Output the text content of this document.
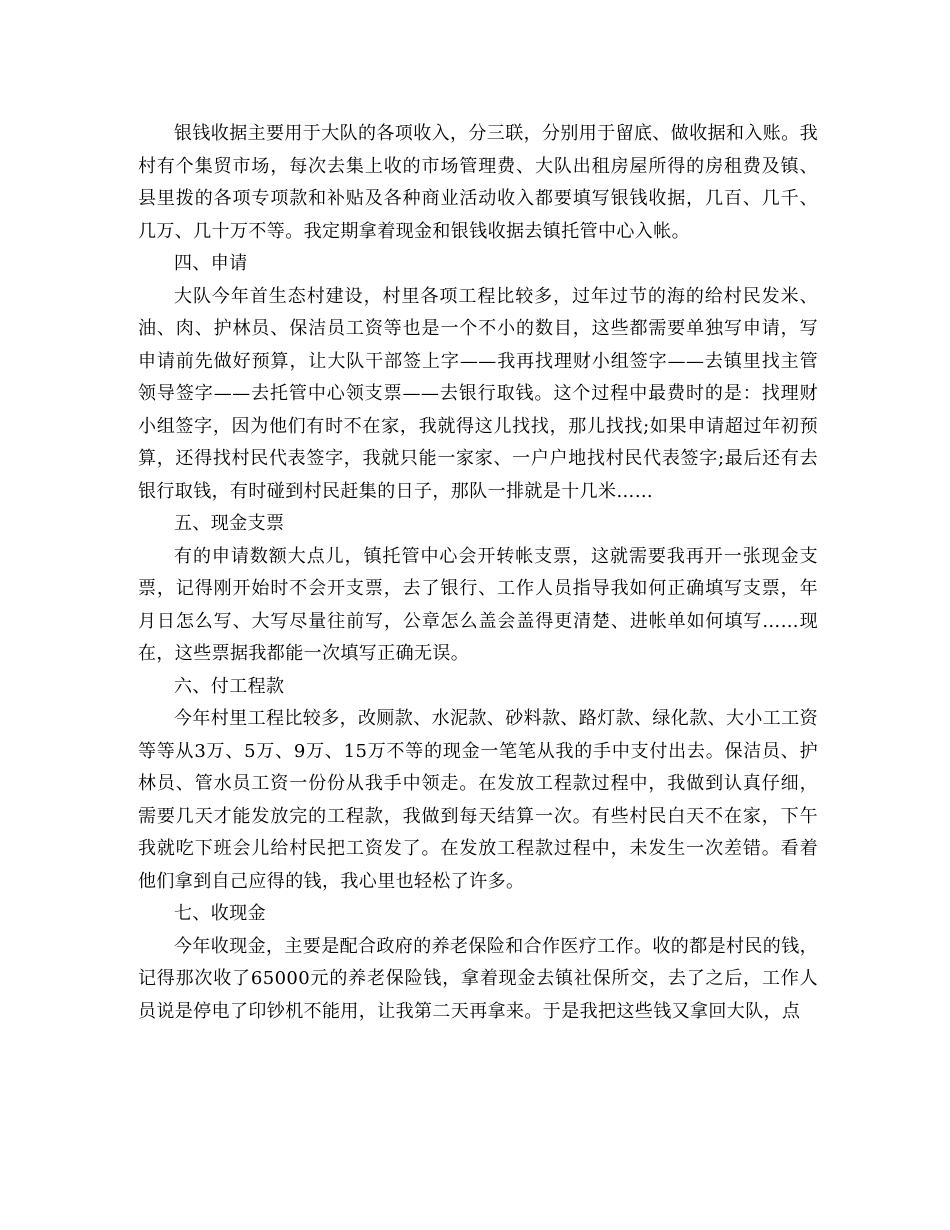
银钱收据主要用于大队的各项收入，分三联，分别用于留底、做收据和入账。我村有个集贸市场，每次去集上收的市场管理费、大队出租房屋所得的房租费及镇、县里拨的各项专项款和补贴及各种商业活动收入都要填写银钱收据，几百、几千、几万、几十万不等。我定期拿着现金和银钱收据去镇托管中心入帐。

四、申请

大队今年首生态村建设，村里各项工程比较多，过年过节的海的给村民发米、油、肉、护林员、保洁员工资等也是一个不小的数目，这些都需要单独写申请，写申请前先做好预算，让大队干部签上字——我再找理财小组签字——去镇里找主管领导签字——去托管中心领支票——去银行取钱。这个过程中最费时的是：找理财小组签字，因为他们有时不在家，我就得这儿找找，那儿找找;如果申请超过年初预算，还得找村民代表签字，我就只能一家家、一户户地找村民代表签字;最后还有去银行取钱，有时碰到村民赶集的日子，那队一排就是十几米……

五、现金支票

有的申请数额大点儿，镇托管中心会开转帐支票，这就需要我再开一张现金支票，记得刚开始时不会开支票，去了银行、工作人员指导我如何正确填写支票，年月日怎么写、大写尽量往前写，公章怎么盖会盖得更清楚、进帐单如何填写……现在，这些票据我都能一次填写正确无误。

六、付工程款

今年村里工程比较多，改厕款、水泥款、砂料款、路灯款、绿化款、大小工工资等等从3万、5万、9万、15万不等的现金一笔笔从我的手中支付出去。保洁员、护林员、管水员工资一份份从我手中领走。在发放工程款过程中，我做到认真仔细，需要几天才能发放完的工程款，我做到每天结算一次。有些村民白天不在家，下午我就吃下班会儿给村民把工资发了。在发放工程款过程中，未发生一次差错。看着他们拿到自己应得的钱，我心里也轻松了许多。

七、收现金

今年收现金，主要是配合政府的养老保险和合作医疗工作。收的都是村民的钱，记得那次收了65000元的养老保险钱，拿着现金去镇社保所交，去了之后，工作人员说是停电了印钞机不能用，让我第二天再拿来。于是我把这些钱又拿回大队，点
